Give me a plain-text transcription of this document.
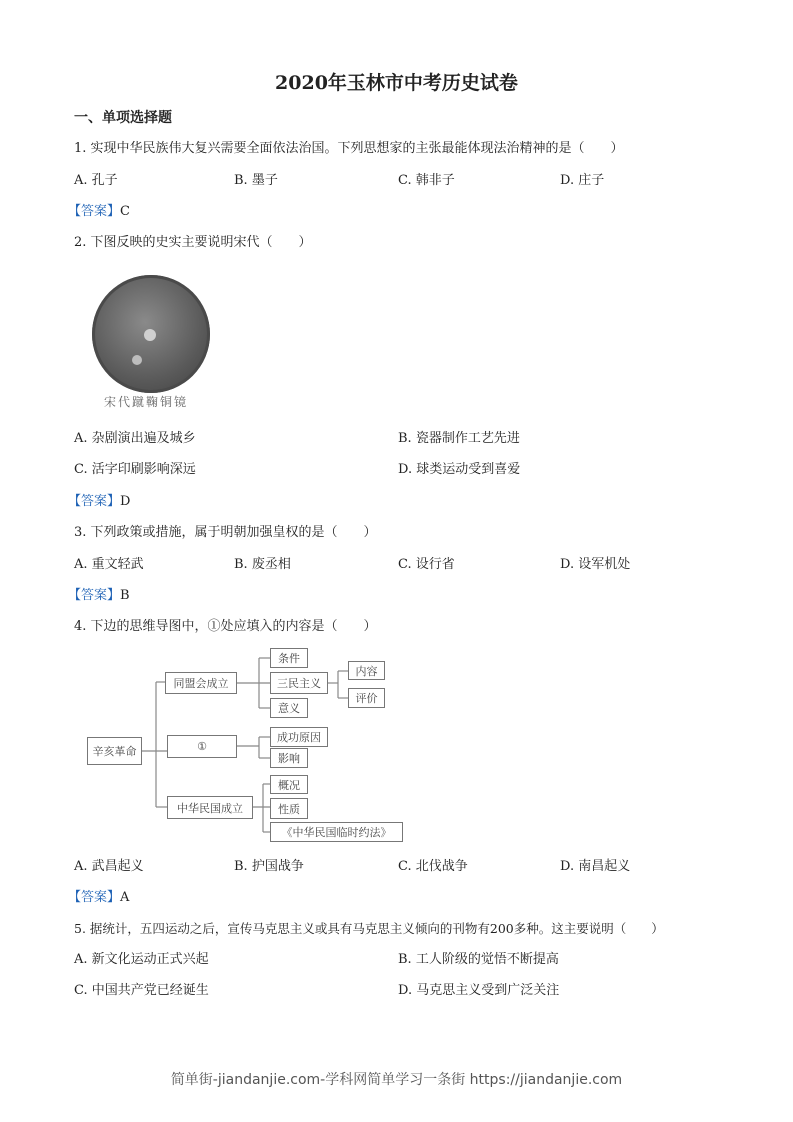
2020年玉林市中考历史试卷
一、单项选择题
1. 实现中华民族伟大复兴需要全面依法治国。下列思想家的主张最能体现法治精神的是（　　）
A. 孔子	B. 墨子	C. 韩非子	D. 庄子
【答案】C
2. 下图反映的史实主要说明宋代（　　）
宋代蹴鞠铜镜
A. 杂剧演出遍及城乡	B. 瓷器制作工艺先进
C. 活字印刷影响深远	D. 球类运动受到喜爱
【答案】D
3. 下列政策或措施，属于明朝加强皇权的是（　　）
A. 重文轻武	B. 废丞相	C. 设行省	D. 设军机处
【答案】B
4. 下边的思维导图中，①处应填入的内容是（　　）
辛亥革命
同盟会成立
①
中华民国成立
条件
三民主义
意义
内容
评价
成功原因
影响
概况
性质
《中华民国临时约法》
A. 武昌起义	B. 护国战争	C. 北伐战争	D. 南昌起义
【答案】A
5. 据统计，五四运动之后，宣传马克思主义或具有马克思主义倾向的刊物有200多种。这主要说明（　　）
A. 新文化运动正式兴起	B. 工人阶级的觉悟不断提高
C. 中国共产党已经诞生	D. 马克思主义受到广泛关注
简单街-jiandanjie.com-学科网简单学习一条街 https://jiandanjie.com
